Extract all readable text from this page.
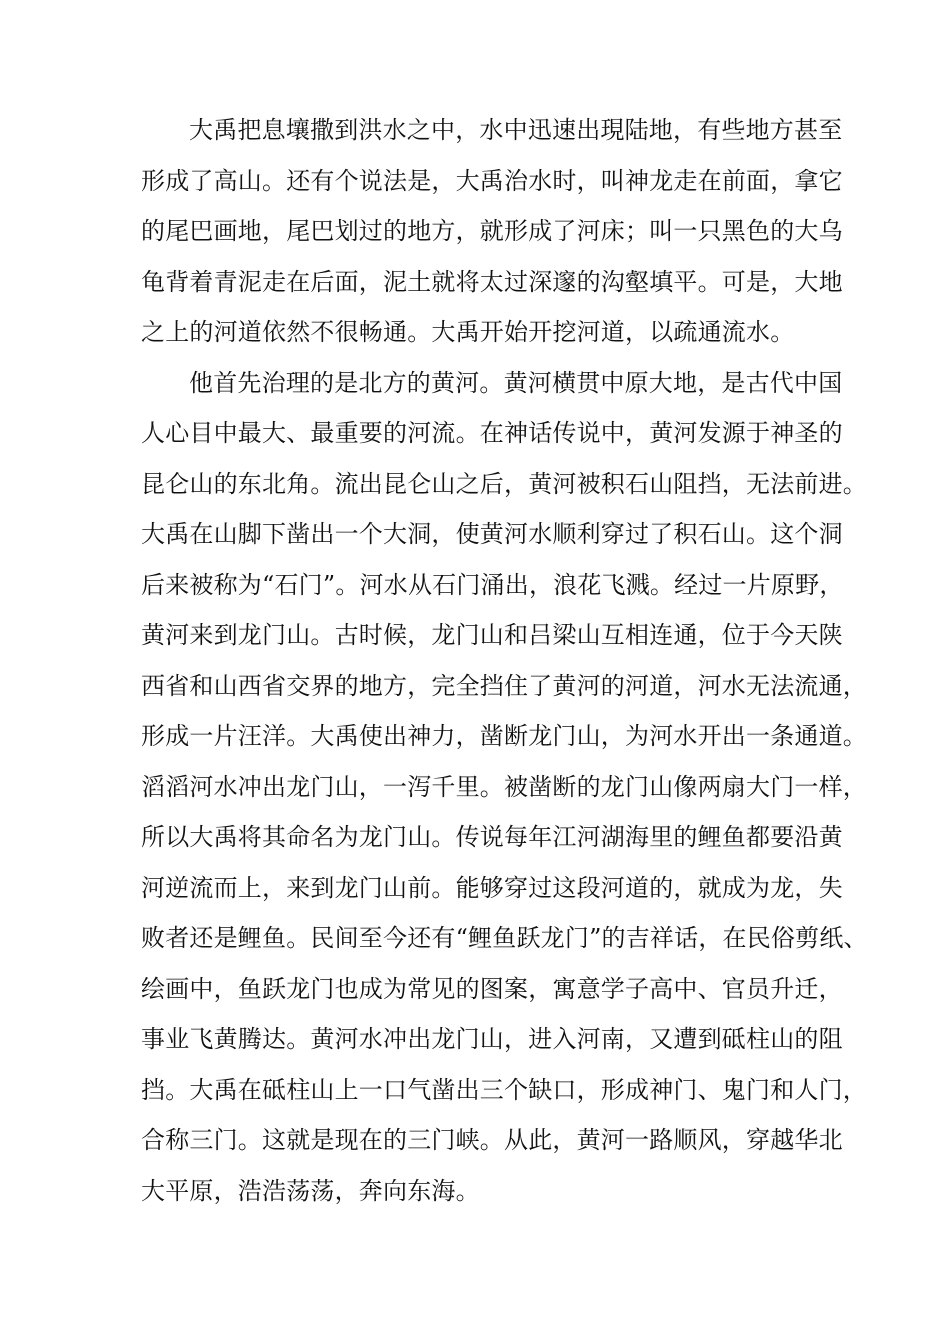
大禹把息壤撒到洪水之中，水中迅速出現陆地，有些地方甚至
形成了高山。还有个说法是，大禹治水时，叫神龙走在前面，拿它
的尾巴画地，尾巴划过的地方，就形成了河床；叫一只黑色的大乌
龟背着青泥走在后面，泥土就将太过深邃的沟壑填平。可是，大地
之上的河道依然不很畅通。大禹开始开挖河道，以疏通流水。
他首先治理的是北方的黄河。黄河横贯中原大地，是古代中国
人心目中最大、最重要的河流。在神话传说中，黄河发源于神圣的
昆仑山的东北角。流出昆仑山之后，黄河被积石山阻挡，无法前进。
大禹在山脚下凿出一个大洞，使黄河水顺利穿过了积石山。这个洞
后来被称为“石门”。河水从石门涌出，浪花飞溅。经过一片原野，
黄河来到龙门山。古时候，龙门山和吕梁山互相连通，位于今天陕
西省和山西省交界的地方，完全挡住了黄河的河道，河水无法流通，
形成一片汪洋。大禹使出神力，凿断龙门山，为河水开出一条通道。
滔滔河水冲出龙门山，一泻千里。被凿断的龙门山像两扇大门一样，
所以大禹将其命名为龙门山。传说每年江河湖海里的鲤鱼都要沿黄
河逆流而上，来到龙门山前。能够穿过这段河道的，就成为龙，失
败者还是鲤鱼。民间至今还有“鲤鱼跃龙门”的吉祥话，在民俗剪纸、
绘画中，鱼跃龙门也成为常见的图案，寓意学子高中、官员升迁，
事业飞黄腾达。黄河水冲出龙门山，进入河南，又遭到砥柱山的阻
挡。大禹在砥柱山上一口气凿出三个缺口，形成神门、鬼门和人门，
合称三门。这就是现在的三门峡。从此，黄河一路顺风，穿越华北
大平原，浩浩荡荡，奔向东海。
